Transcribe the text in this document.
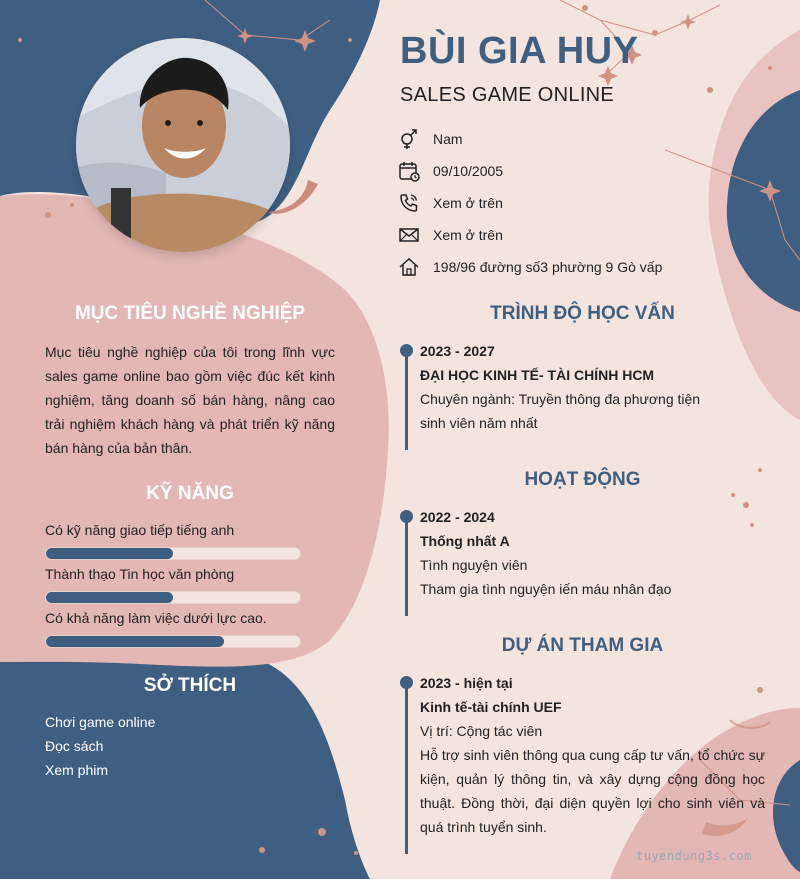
BÙI GIA HUY
SALES GAME ONLINE
Nam
09/10/2005
Xem ở trên
Xem ở trên
198/96 đường số3 phường 9 Gò vấp
MỤC TIÊU NGHỀ NGHIỆP
Mục tiêu nghề nghiệp của tôi trong lĩnh vực sales game online bao gồm việc đúc kết kinh nghiệm, tăng doanh số bán hàng, nâng cao trải nghiệm khách hàng và phát triển kỹ năng bán hàng của bản thân.
KỸ NĂNG
Có kỹ năng giao tiếp tiếng anh
Thành thạo Tin học văn phòng
Có khả năng làm việc dưới lực cao.
SỞ THÍCH
Chơi game online
Đọc sách
Xem phim
TRÌNH ĐỘ HỌC VẤN
2023 - 2027
ĐẠI HỌC KINH TẾ- TÀI CHÍNH HCM
Chuyên ngành: Truyền thông đa phương tiện
sinh viên năm nhất
HOẠT ĐỘNG
2022 - 2024
Thống nhất A
Tình nguyện viên
Tham gia tình nguyện iến máu nhân đạo
DỰ ÁN THAM GIA
2023 - hiện tại
Kinh tế-tài chính UEF
Vị trí: Cộng tác viên
Hỗ trợ sinh viên thông qua cung cấp tư vấn, tổ chức sự kiện, quản lý thông tin, và xây dựng cộng đồng học thuật. Đồng thời, đại diện quyền lợi cho sinh viên và quá trình tuyển sinh.
tuyendung3s.com
